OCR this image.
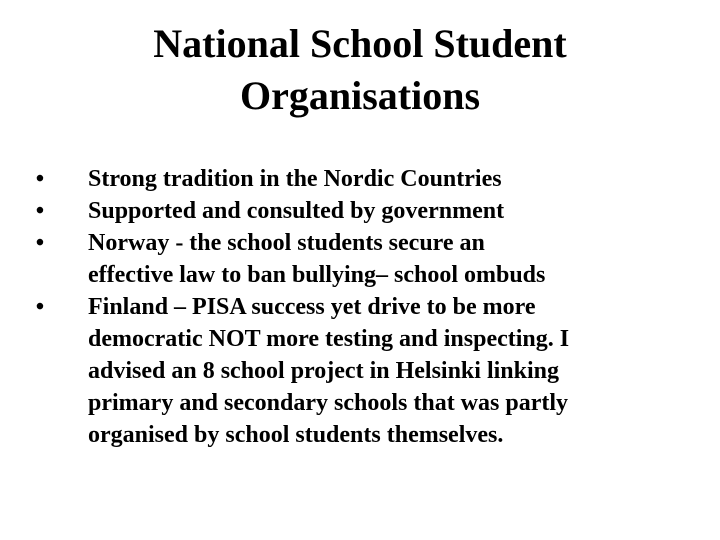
National School Student
Organisations
• Strong tradition in the Nordic Countries
• Supported and consulted by government
• Norway - the school students secure an
effective law to ban bullying– school ombuds
• Finland – PISA success yet drive to be more
democratic NOT more testing and inspecting. I
advised an 8 school project in Helsinki linking
primary and secondary schools that was partly
organised by school students themselves.
